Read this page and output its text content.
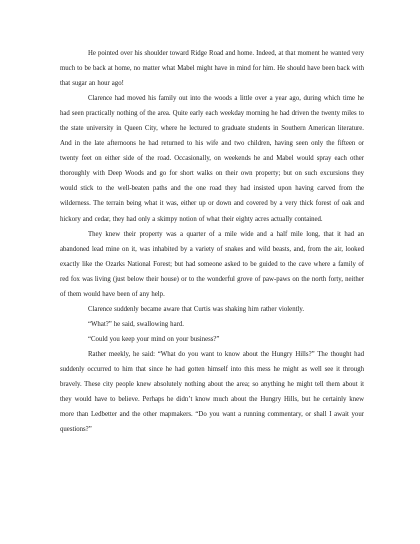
He pointed over his shoulder toward Ridge Road and home. Indeed, at that moment he wanted very much to be back at home, no matter what Mabel might have in mind for him. He should have been back with that sugar an hour ago!

Clarence had moved his family out into the woods a little over a year ago, during which time he had seen practically nothing of the area. Quite early each weekday morning he had driven the twenty miles to the state university in Queen City, where he lectured to graduate students in Southern American literature. And in the late afternoons he had returned to his wife and two children, having seen only the fifteen or twenty feet on either side of the road. Occasionally, on weekends he and Mabel would spray each other thoroughly with Deep Woods and go for short walks on their own property; but on such excursions they would stick to the well-beaten paths and the one road they had insisted upon having carved from the wilderness. The terrain being what it was, either up or down and covered by a very thick forest of oak and hickory and cedar, they had only a skimpy notion of what their eighty acres actually contained.

They knew their property was a quarter of a mile wide and a half mile long, that it had an abandoned lead mine on it, was inhabited by a variety of snakes and wild beasts, and, from the air, looked exactly like the Ozarks National Forest; but had someone asked to be guided to the cave where a family of red fox was living (just below their house) or to the wonderful grove of paw-paws on the north forty, neither of them would have been of any help.

Clarence suddenly became aware that Curtis was shaking him rather violently.

“What?” he said, swallowing hard.

“Could you keep your mind on your business?”

Rather meekly, he said: “What do you want to know about the Hungry Hills?” The thought had suddenly occurred to him that since he had gotten himself into this mess he might as well see it through bravely. These city people knew absolutely nothing about the area; so anything he might tell them about it they would have to believe. Perhaps he didn’t know much about the Hungry Hills, but he certainly knew more than Ledbetter and the other mapmakers. “Do you want a running commentary, or shall I await your questions?”
